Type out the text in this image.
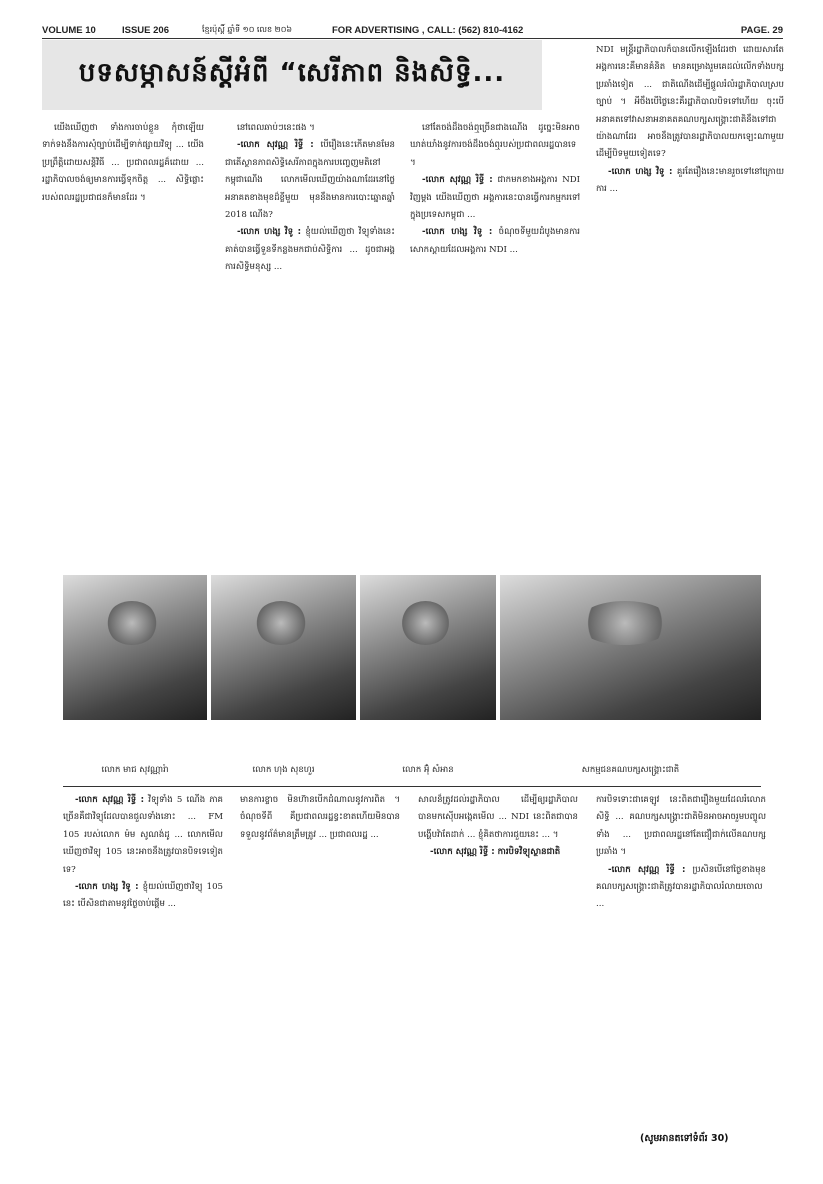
VOLUME 10	ISSUE 206	ខ្មែរប៉ុស្តិ៍ ឆ្នាំទី ១០ លេខ ២០៦	FOR ADVERTISING , CALL: (562) 810-4162	PAGE. 29
បទសម្ភាសន៍ស្តីអំពី “សេរីភាព និងសិទ្ធិ...

យើងឃើញថា ទាំងការចាប់ខ្លួន កុំថាឡើយ ទាក់ទងនឹងការសុំច្បាប់ដើម្បីទាក់ផ្សាយវិទ្យុ ... យើងប្រព្រឹត្តិដោយសន្តិវិធី ... ប្រជាពលរដ្ឋគ៏ដោយ ... រដ្ឋាភិបាលចង់ឲ្យមានការធ្វើទុកចិត្ត ... សិទ្ធិផ្លោះរបស់ពលរដ្ឋប្រជាជនក៏មានដែរ ។

នៅពេលឆាប់ៗនេះផង ។

-លោក សុវណ្ណ រិទ្ធី : បើរឿងនេះកើតមានមែន ជាតើស្ថានភាពសិទ្ធិសេរីភាពក្នុងការបញ្ចេញមតិនៅកម្ពុជាណើង លោកមើលឃើញយ៉ាងណាដែរនៅថ្ងៃអនាគតខាងមុខដ៏ខ្លីមួយ មុននឹងមានការបោះឆ្នោតឆ្នាំ 2018 ណើង?

-លោក ហង្ស វិទូ : ខ្ញុំយល់ឃើញថា វិទ្យុទាំងនេះគាត់បានធ្វើទួនទីកន្លងមកជាប់សិទ្ធិការ ... ដូចជាអង្គការសិទ្ធិមនុស្ស ...

នៅតែចង់ដឹងចង់ឮច្រើនជាងណើង ដូច្នេះមិនអាចឃាត់ឃាំងនូវការចង់ដឹងចង់ឮរបស់ប្រជាពលរដ្ឋបានទេ ។

-លោក សុវណ្ណ រិទ្ធី : ជាកមកខាងអង្គការ NDI វិញម្តង យើងឃើញថា អង្គការនេះបានធ្វើការកម្មករទៅក្នុងប្រទេសកម្ពុជា ...

-លោក ហង្ស វិទូ : ចំណុចទីមួយដំបូងមានការសោកស្តាយដែលអង្គការ NDI ...

NDI មន្ត្រីរដ្ឋាភិបាលក៏បានលើកឡើងដែរថា ដោយសារតែអង្គការនេះគឺមានគំនិត មានគម្រោងរួមគេដល់លើកទាំងបក្សប្រឆាំងទៀត ... ជាតិណើងដើម្បីផ្តួលរំលំរដ្ឋាភិបាលស្របច្បាប់ ។ អីចឹងបើថ្ងៃនេះគឺរដ្ឋាភិបាលបិទទៅហើយ ចុះបើអនាគតទៅវាសនាអនាគតគណបក្សសង្គ្រោះជាតិនឹងទៅជាយ៉ាងណាដែរ អាចនឹងត្រូវបានរដ្ឋាភិបាលយកឡេះណាមួយដើម្បីបិទមួយទៀតទេ?

-លោក ហង្ស វិទូ : គួរតែរឿងនេះមានរួចទៅនៅក្រោយការ ...

លោក មាជ សុវណ្ណារ៉ា	លោក ហុង សុខហួរ	លោក អ៊ុំ សំអាន	សកម្មជនគណបក្សសង្គ្រោះជាតិ

-លោក សុវណ្ណ រិទ្ធី : វិទ្យុទាំង 5 ណើង ភាគច្រើនគឺជាវិទ្យុដែលបានជួលទាំងនោះ ... FM 105 របស់លោក ម៉ម សូណង់ដូ ... លោកមើលឃើញថាវិទ្យុ 105 នេះអាចនឹងត្រូវបានបិទទេទៀតទេ?

-លោក ហង្ស វិទូ : ខ្ញុំយល់ឃើញថាវិទ្យុ 105 នេះ បើសិនជាតាមនូវថ្ងៃចាប់ផ្តើម ...

មានការខ្ចាច មិនហ៊ានបើកដំណាលនូវការពិត ។ ចំណុចទីពី គឺប្រជាពលរដ្ឋខ្វះខាតហើយមិនបានទទួលនូវព័ត៌មានត្រឹមត្រូវ ... ប្រជាពលរដ្ឋ ...

សាលន៏ត្រូវដល់រដ្ឋាភិបាល ដើម្បីឲ្យរដ្ឋាភិបាលបានមកស៊ើបអង្កេតមើល ... NDI នេះពិតជាបានបង្ហើបវ៉ាតែដាក់ ... ខ្ញុំគិតថាការជួយនេះ ... ។

-លោក សុវណ្ណ រិទ្ធី : ការបិទវិទ្យុស្ថានជាតិ

ការបិទទោះជាគេឡូវ នេះពិតជារឿងមួយដែលរំលោភសិទ្ធិ ... គណបក្សសង្គ្រោះជាតិមិនអាចអាចរួមបញ្ចូលទាំង ... ប្រជាពលរដ្ឋនៅតែជឿជាក់លើគណបក្សប្រឆាំង ។

-លោក សុវណ្ណ រិទ្ធី : ប្រសិនបើនៅថ្ងៃខាងមុខ គណបក្សសង្គ្រោះជាតិត្រូវបានរដ្ឋាភិបាលរំលាយចោល ...

(សូមអានតទៅទំព័រ 30)
